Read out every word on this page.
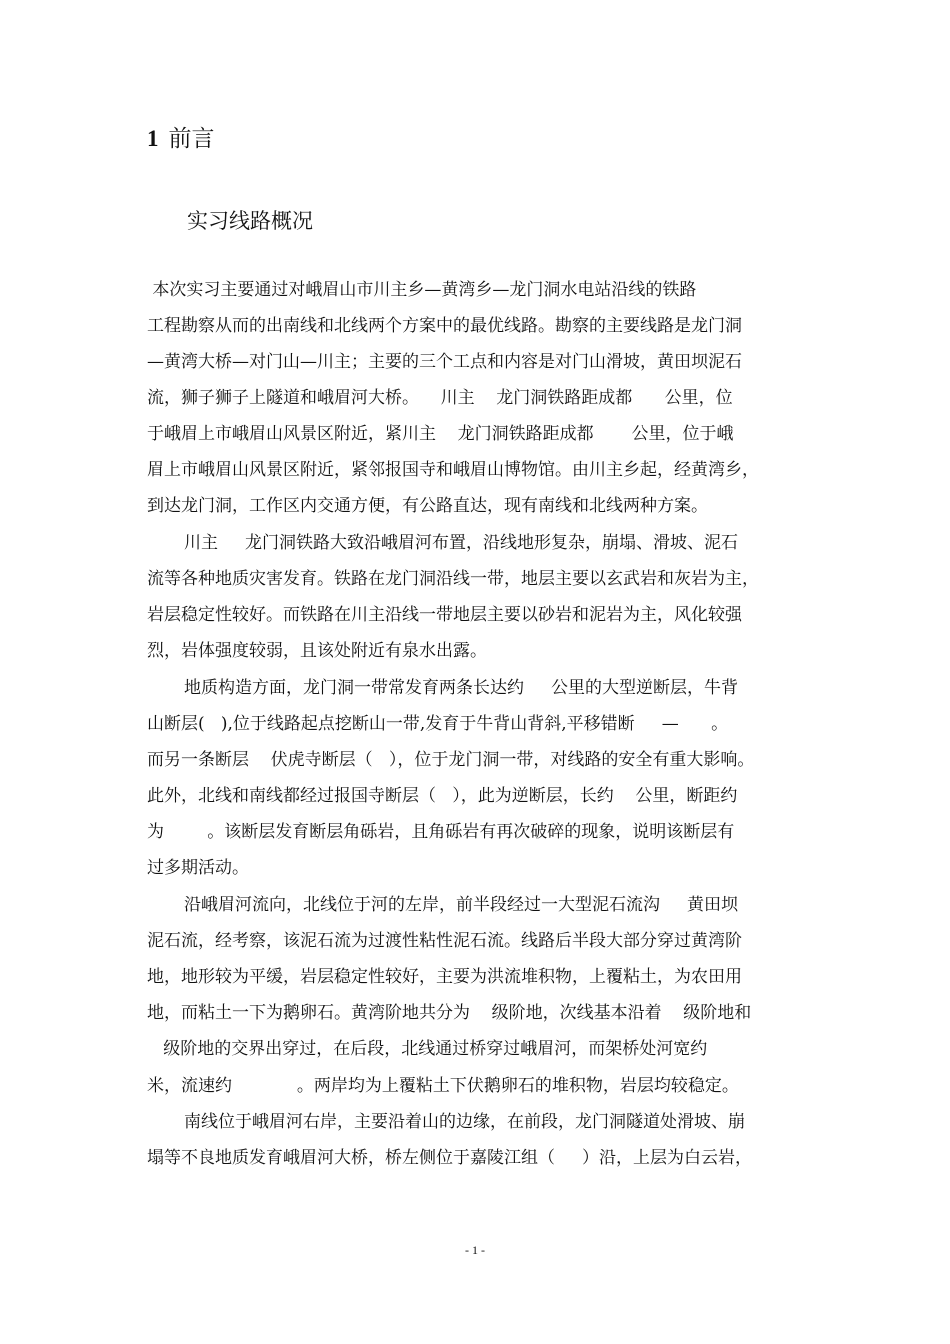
1 前言
实习线路概况
本次实习主要通过对峨眉山市川主乡—黄湾乡—龙门洞水电站沿线的铁路
工程勘察从而的出南线和北线两个方案中的最优线路。勘察的主要线路是龙门洞
—黄湾大桥—对门山—川主；主要的三个工点和内容是对门山滑坡，黄田坝泥石
流，狮子狮子上隧道和峨眉河大桥。    川主    龙门洞铁路距成都      公里，位
于峨眉上市峨眉山风景区附近，紧川主    龙门洞铁路距成都       公里，位于峨
眉上市峨眉山风景区附近，紧邻报国寺和峨眉山博物馆。由川主乡起，经黄湾乡，
到达龙门洞，工作区内交通方便，有公路直达，现有南线和北线两种方案。
川主     龙门洞铁路大致沿峨眉河布置，沿线地形复杂，崩塌、滑坡、泥石
流等各种地质灾害发育。铁路在龙门洞沿线一带，地层主要以玄武岩和灰岩为主，
岩层稳定性较好。而铁路在川主沿线一带地层主要以砂岩和泥岩为主，风化较强
烈，岩体强度较弱，且该处附近有泉水出露。
地质构造方面，龙门洞一带常发育两条长达约     公里的大型逆断层，牛背
山断层(   ),位于线路起点挖断山一带,发育于牛背山背斜,平移错断     —      。
而另一条断层    伏虎寺断层（   ），位于龙门洞一带，对线路的安全有重大影响。
此外，北线和南线都经过报国寺断层（   ），此为逆断层，长约    公里，断距约
为        。该断层发育断层角砾岩，且角砾岩有再次破碎的现象，说明该断层有
过多期活动。
沿峨眉河流向，北线位于河的左岸，前半段经过一大型泥石流沟     黄田坝
泥石流，经考察，该泥石流为过渡性粘性泥石流。线路后半段大部分穿过黄湾阶
地，地形较为平缓，岩层稳定性较好，主要为洪流堆积物，上覆粘土，为农田用
地，而粘土一下为鹅卵石。黄湾阶地共分为    级阶地，次线基本沿着    级阶地和
级阶地的交界出穿过，在后段，北线通过桥穿过峨眉河，而架桥处河宽约
米，流速约            。两岸均为上覆粘土下伏鹅卵石的堆积物，岩层均较稳定。
南线位于峨眉河右岸，主要沿着山的边缘，在前段，龙门洞隧道处滑坡、崩
塌等不良地质发育峨眉河大桥，桥左侧位于嘉陵江组（     ）沿，上层为白云岩，
- 1 -
